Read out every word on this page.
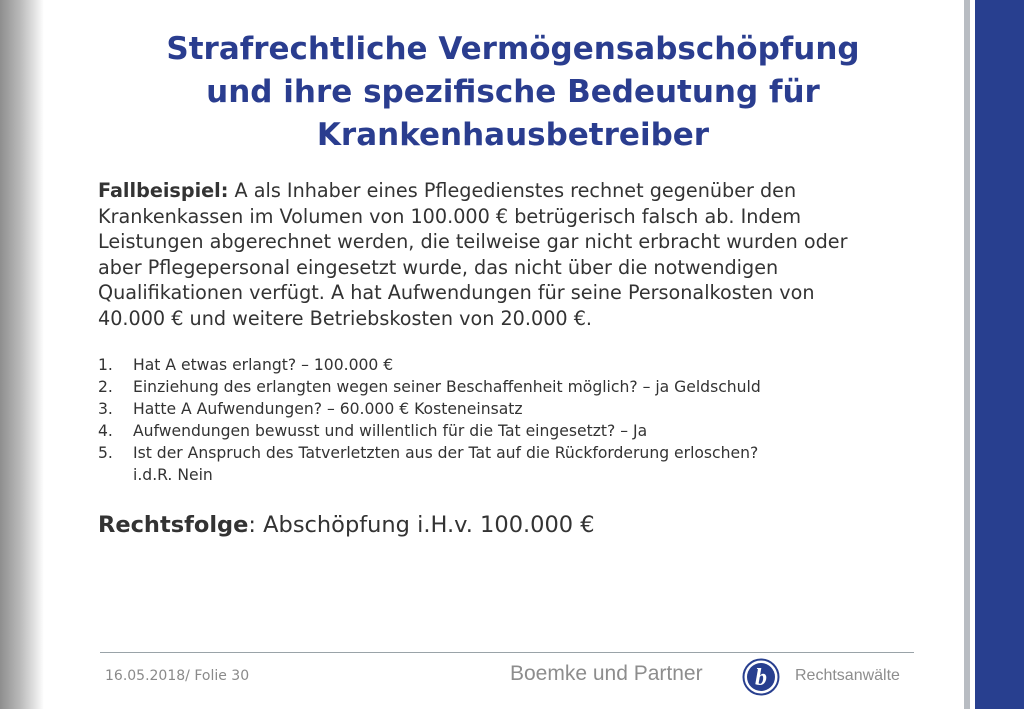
Strafrechtliche Vermögensabschöpfung
und ihre spezifische Bedeutung für
Krankenhausbetreiber

Fallbeispiel: A als Inhaber eines Pflegedienstes rechnet gegenüber den
Krankenkassen im Volumen von 100.000 € betrügerisch falsch ab. Indem
Leistungen abgerechnet werden, die teilweise gar nicht erbracht wurden oder
aber Pflegepersonal eingesetzt wurde, das nicht über die notwendigen
Qualifikationen verfügt. A hat Aufwendungen für seine Personalkosten von
40.000 € und weitere Betriebskosten von 20.000 €.

1.	Hat A etwas erlangt? – 100.000 €
2.	Einziehung des erlangten wegen seiner Beschaffenheit möglich? – ja Geldschuld
3.	Hatte A Aufwendungen? – 60.000 € Kosteneinsatz
4.	Aufwendungen bewusst und willentlich für die Tat eingesetzt? – Ja
5.	Ist der Anspruch des Tatverletzten aus der Tat auf die Rückforderung erloschen?
i.d.R. Nein

Rechtsfolge: Abschöpfung i.H.v. 100.000 €

16.05.2018/ Folie 30	Boemke und Partner b Rechtsanwälte
